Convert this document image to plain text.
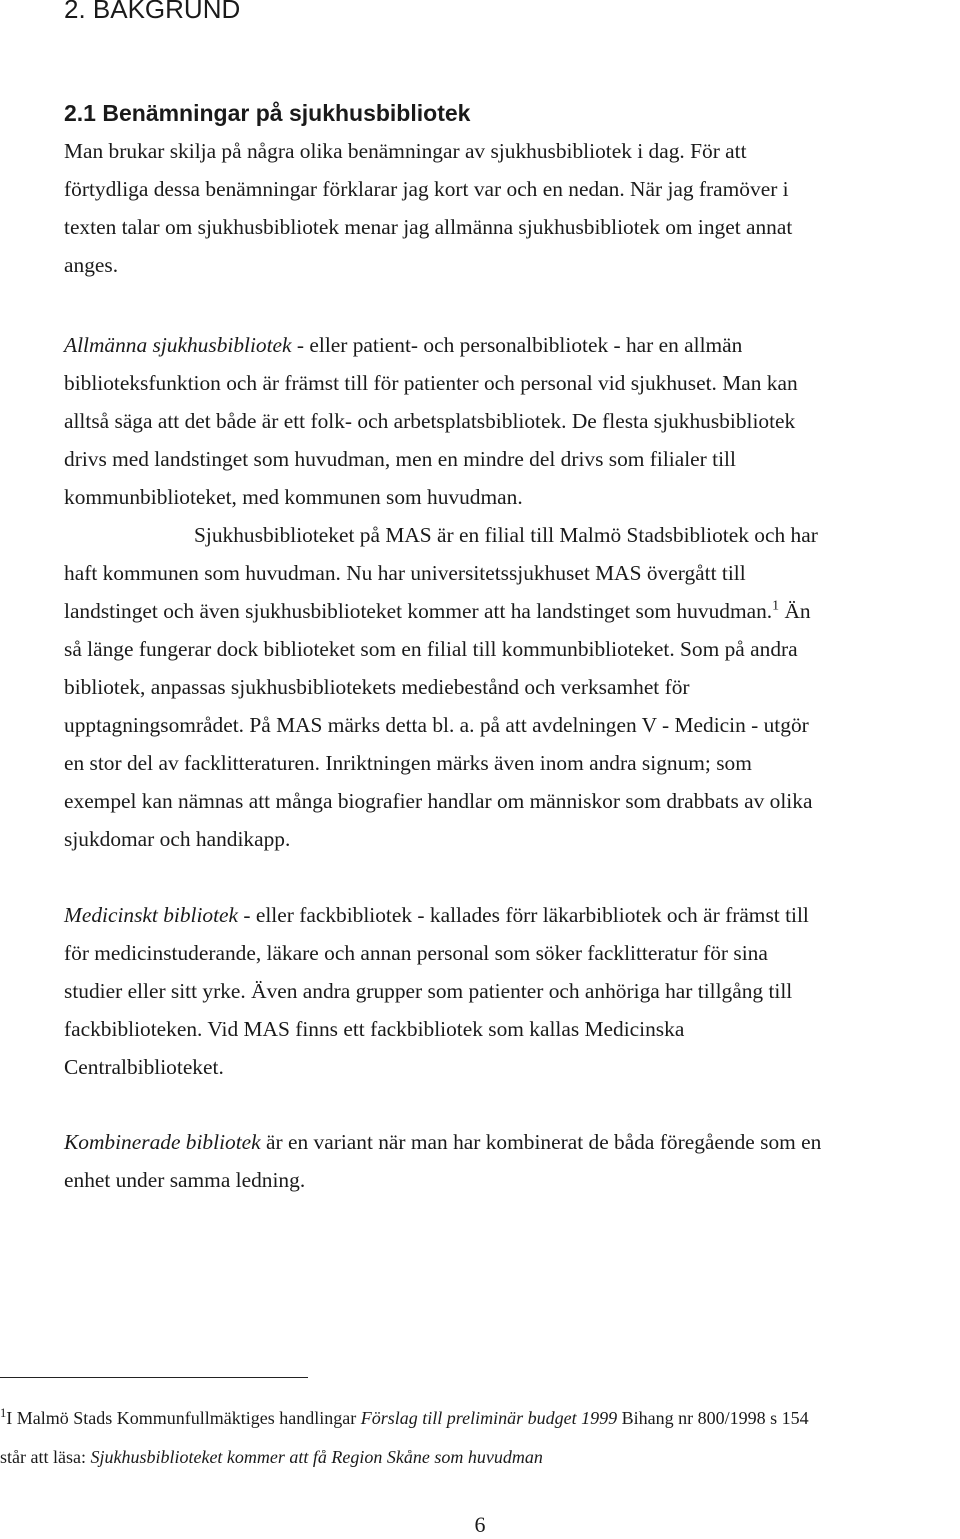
2. BAKGRUND
2.1 Benämningar på sjukhusbibliotek

Man brukar skilja på några olika benämningar av sjukhusbibliotek i dag. För att
förtydliga dessa benämningar förklarar jag kort var och en nedan. När jag framöver i
texten talar om sjukhusbibliotek menar jag allmänna sjukhusbibliotek om inget annat
anges.

Allmänna sjukhusbibliotek - eller patient- och personalbibliotek - har en allmän
biblioteksfunktion och är främst till för patienter och personal vid sjukhuset. Man kan
alltså säga att det både är ett folk- och arbetsplatsbibliotek. De flesta sjukhusbibliotek
drivs med landstinget som huvudman, men en mindre del drivs som filialer till
kommunbiblioteket, med kommunen som huvudman.
Sjukhusbiblioteket på MAS är en filial till Malmö Stadsbibliotek och har
haft kommunen som huvudman. Nu har universitetssjukhuset MAS övergått till
landstinget och även sjukhusbiblioteket kommer att ha landstinget som huvudman.$^1$ Än
så länge fungerar dock biblioteket som en filial till kommunbiblioteket. Som på andra
bibliotek, anpassas sjukhusbibliotekets mediebestånd och verksamhet för
upptagningsområdet. På MAS märks detta bl. a. på att avdelningen V - Medicin - utgör
en stor del av facklitteraturen. Inriktningen märks även inom andra signum; som
exempel kan nämnas att många biografier handlar om människor som drabbats av olika
sjukdomar och handikapp.

Medicinskt bibliotek - eller fackbibliotek - kallades förr läkarbibliotek och är främst till
för medicinstuderande, läkare och annan personal som söker facklitteratur för sina
studier eller sitt yrke. Även andra grupper som patienter och anhöriga har tillgång till
fackbiblioteken. Vid MAS finns ett fackbibliotek som kallas Medicinska
Centralbiblioteket.

Kombinerade bibliotek är en variant när man har kombinerat de båda föregående som en
enhet under samma ledning.

$^1$I Malmö Stads Kommunfullmäktiges handlingar Förslag till preliminär budget 1999 Bihang nr 800/1998 s 154
står att läsa: Sjukhusbiblioteket kommer att få Region Skåne som huvudman
6
